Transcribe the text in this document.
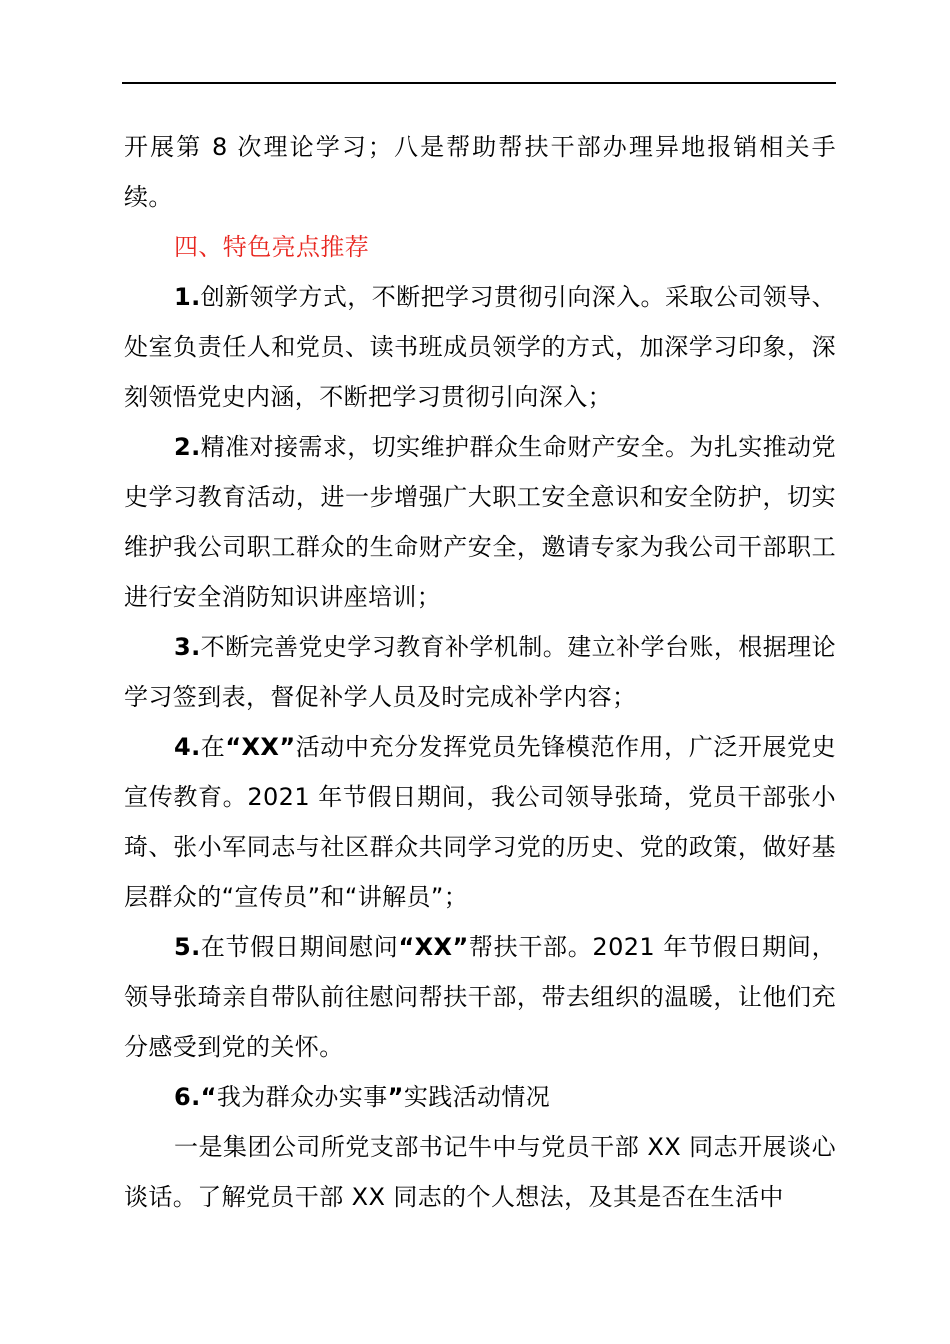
开展第 8 次理论学习；八是帮助帮扶干部办理异地报销相关手续。

四、特色亮点推荐

1.创新领学方式，不断把学习贯彻引向深入。采取公司领导、处室负责任人和党员、读书班成员领学的方式，加深学习印象，深刻领悟党史内涵，不断把学习贯彻引向深入；

2.精准对接需求，切实维护群众生命财产安全。为扎实推动党史学习教育活动，进一步增强广大职工安全意识和安全防护，切实维护我公司职工群众的生命财产安全，邀请专家为我公司干部职工进行安全消防知识讲座培训；

3.不断完善党史学习教育补学机制。建立补学台账，根据理论学习签到表，督促补学人员及时完成补学内容；

4.在“XX”活动中充分发挥党员先锋模范作用，广泛开展党史宣传教育。2021 年节假日期间，我公司领导张琦，党员干部张小琦、张小军同志与社区群众共同学习党的历史、党的政策，做好基层群众的“宣传员”和“讲解员”；

5.在节假日期间慰问“XX”帮扶干部。2021 年节假日期间，领导张琦亲自带队前往慰问帮扶干部，带去组织的温暖，让他们充分感受到党的关怀。

6.“我为群众办实事”实践活动情况

一是集团公司所党支部书记牛中与党员干部 XX 同志开展谈心谈话。了解党员干部 XX 同志的个人想法，及其是否在生活中
